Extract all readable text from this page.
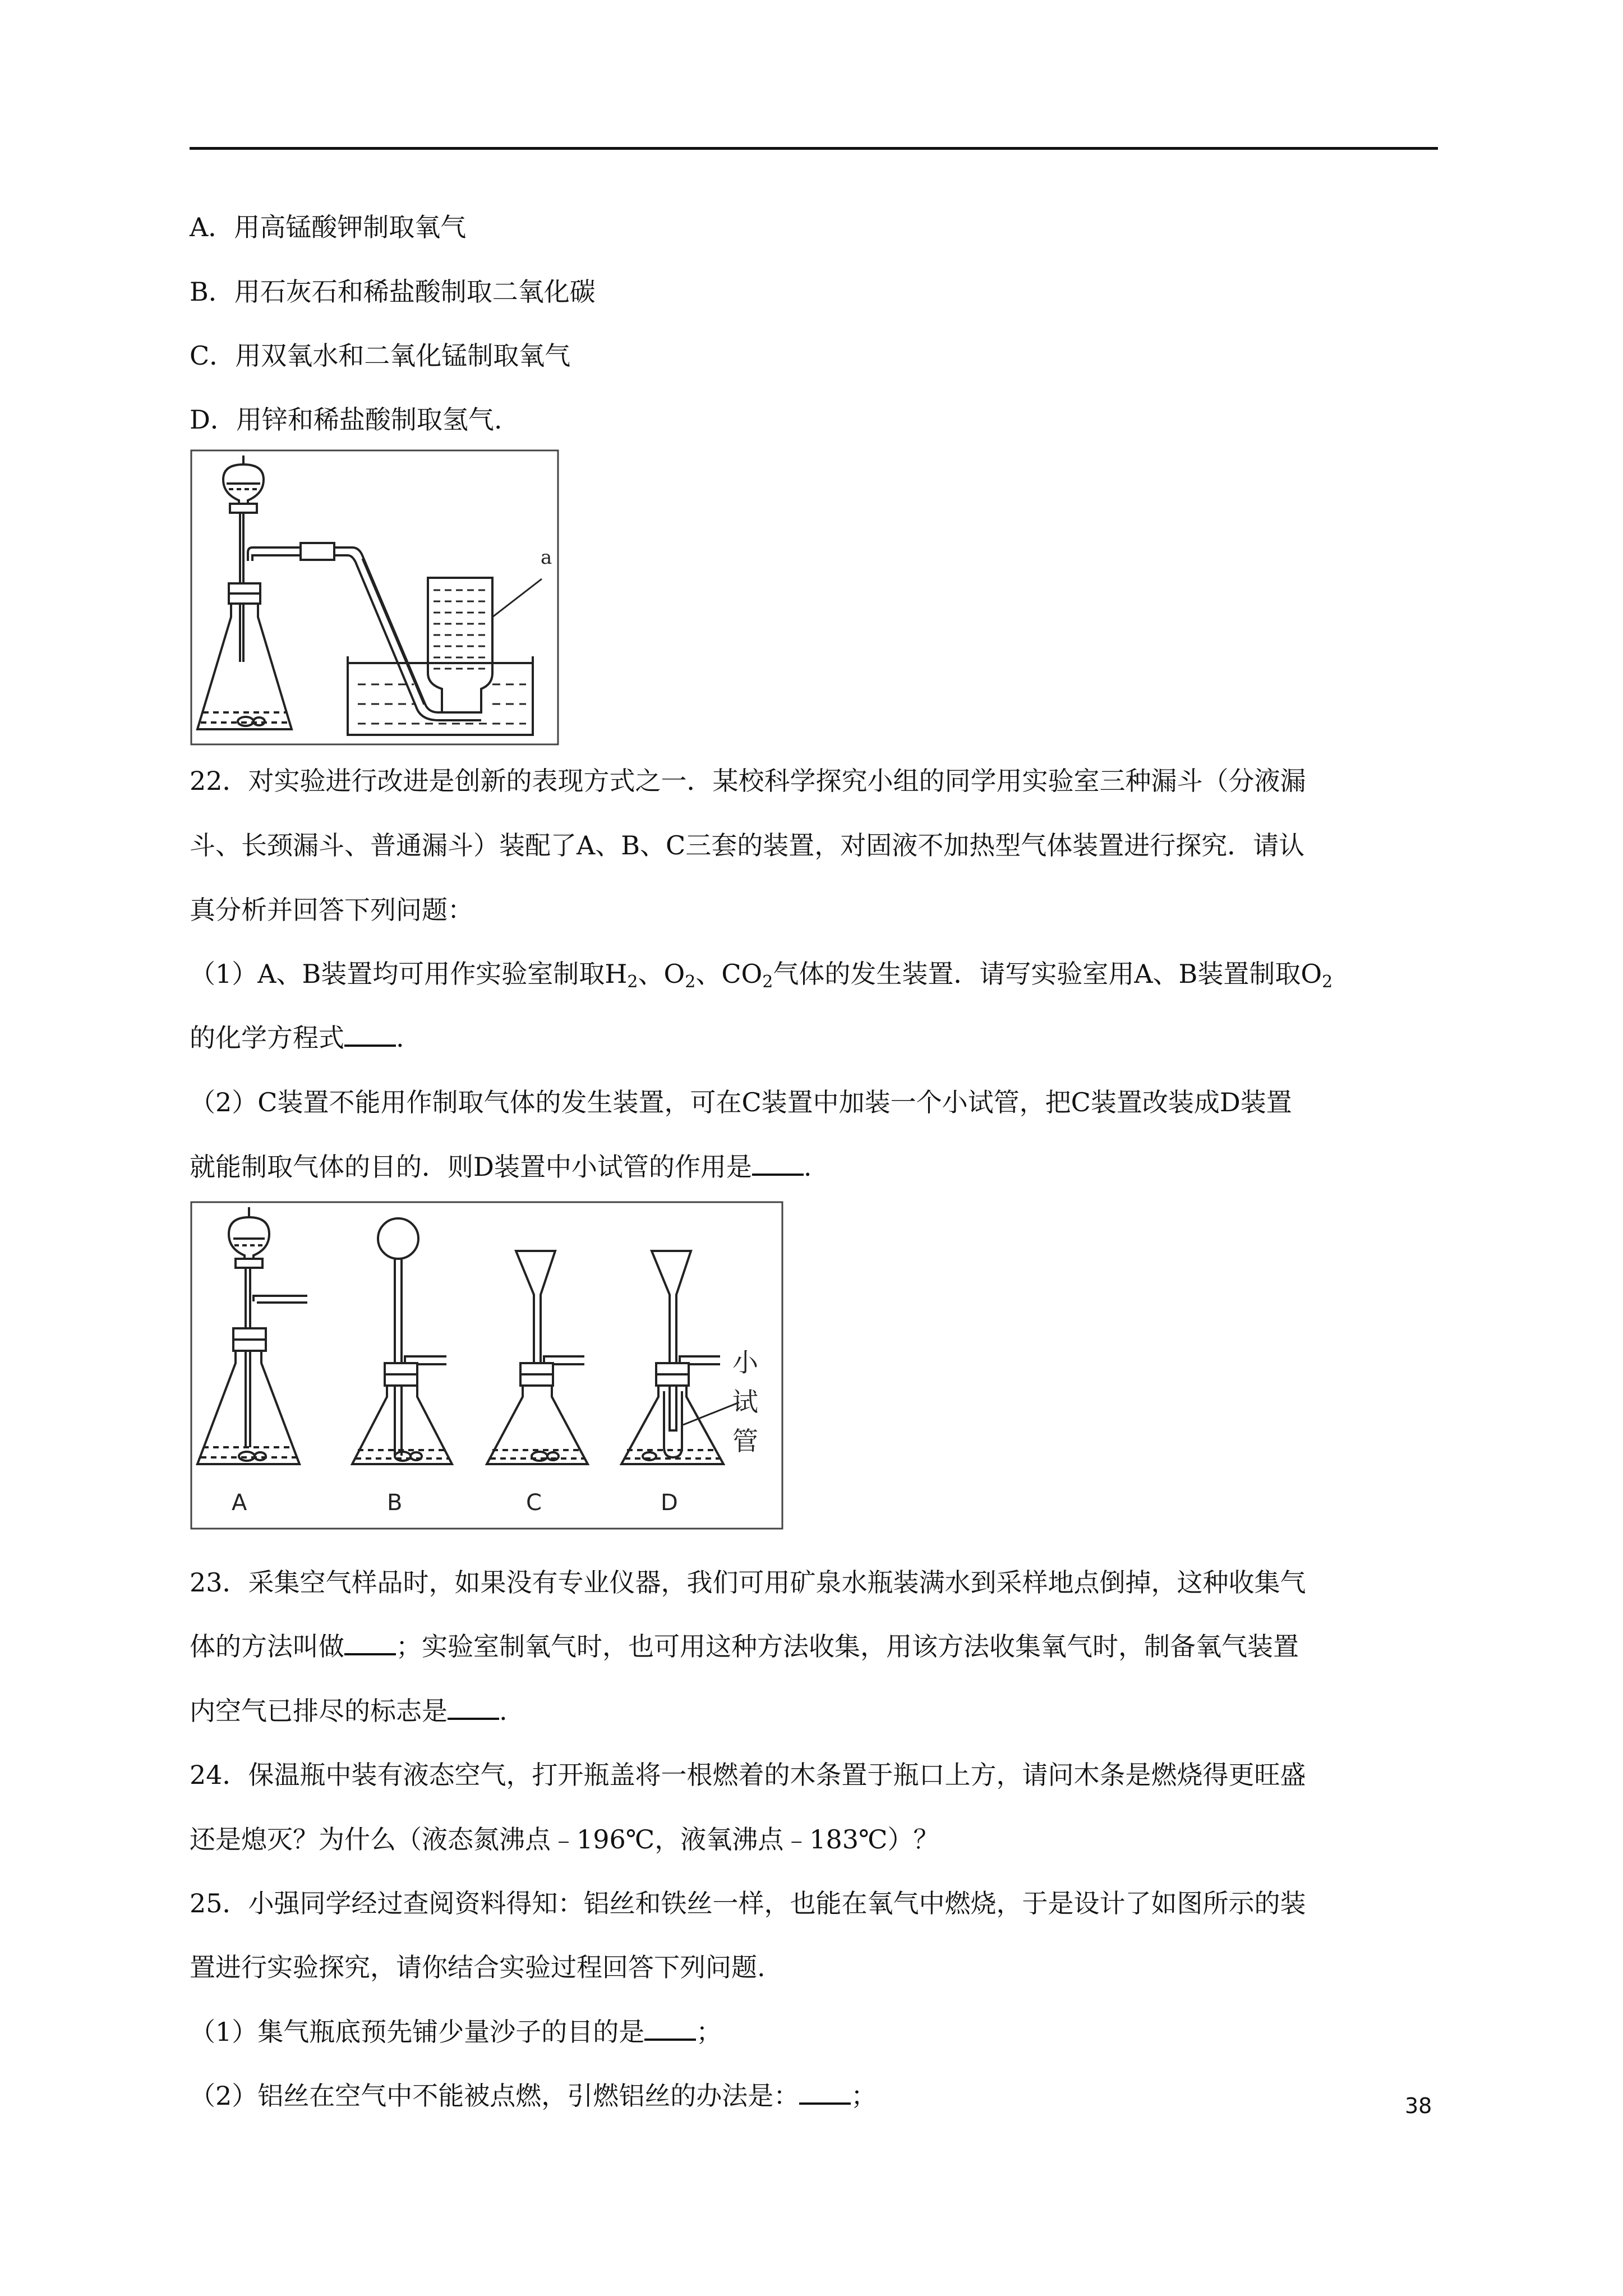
A．用高锰酸钾制取氧气
B．用石灰石和稀盐酸制取二氧化碳
C．用双氧水和二氧化锰制取氧气
D．用锌和稀盐酸制取氢气.
a
22．对实验进行改进是创新的表现方式之一．某校科学探究小组的同学用实验室三种漏斗（分液漏
斗、长颈漏斗、普通漏斗）装配了A、B、C三套的装置，对固液不加热型气体装置进行探究．请认
真分析并回答下列问题：
（1）A、B装置均可用作实验室制取$H_2$、$O_2$、$CO_2$气体的发生装置．请写实验室用A、B装置制取$O_2$
的化学方程式 .
（2）C装置不能用作制取气体的发生装置，可在C装置中加装一个小试管，把C装置改装成D装置
就能制取气体的目的．则D装置中小试管的作用是 .
小
试
管
A	B	C	D
23．采集空气样品时，如果没有专业仪器，我们可用矿泉水瓶装满水到采样地点倒掉，这种收集气
体的方法叫做 ；实验室制氧气时，也可用这种方法收集，用该方法收集氧气时，制备氧气装置
内空气已排尽的标志是 .
24．保温瓶中装有液态空气，打开瓶盖将一根燃着的木条置于瓶口上方，请问木条是燃烧得更旺盛
还是熄灭？为什么（液态氮沸点﹣196℃，液氧沸点﹣183℃）？
25．小强同学经过查阅资料得知：铝丝和铁丝一样，也能在氧气中燃烧，于是设计了如图所示的装
置进行实验探究，请你结合实验过程回答下列问题.
（1）集气瓶底预先铺少量沙子的目的是 ；
（2）铝丝在空气中不能被点燃，引燃铝丝的办法是： ；	38
